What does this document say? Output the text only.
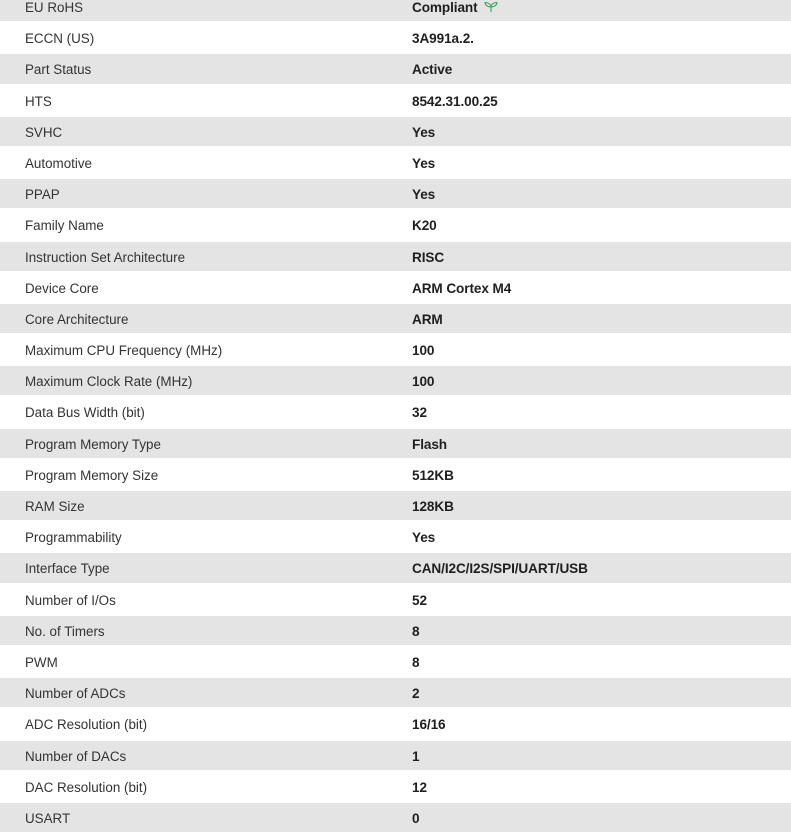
EU RoHS	Compliant
ECCN (US)	3A991a.2.
Part Status	Active
HTS	8542.31.00.25
SVHC	Yes
Automotive	Yes
PPAP	Yes
Family Name	K20
Instruction Set Architecture	RISC
Device Core	ARM Cortex M4
Core Architecture	ARM
Maximum CPU Frequency (MHz)	100
Maximum Clock Rate (MHz)	100
Data Bus Width (bit)	32
Program Memory Type	Flash
Program Memory Size	512KB
RAM Size	128KB
Programmability	Yes
Interface Type	CAN/I2C/I2S/SPI/UART/USB
Number of I/Os	52
No. of Timers	8
PWM	8
Number of ADCs	2
ADC Resolution (bit)	16/16
Number of DACs	1
DAC Resolution (bit)	12
USART	0
